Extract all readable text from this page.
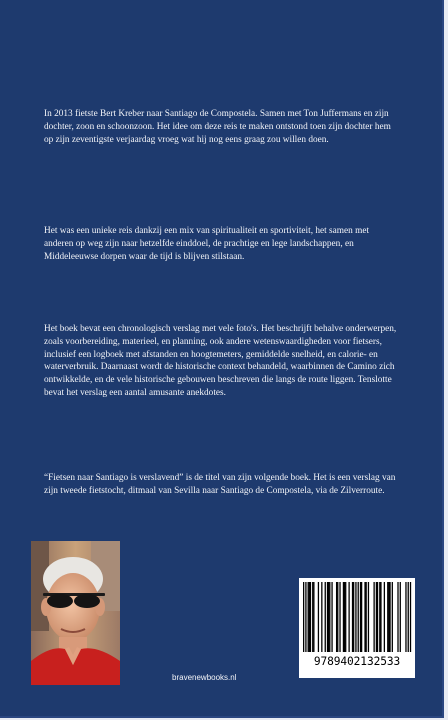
In 2013 fietste Bert Kreber naar Santiago de Compostela. Samen met Ton Juffermans en zijn dochter, zoon en schoonzoon. Het idee om deze reis te maken ontstond toen zijn dochter hem op zijn zeventigste verjaardag vroeg wat hij nog eens graag zou willen doen.

Het was een unieke reis dankzij een mix van spiritualiteit en sportiviteit, het samen met anderen op weg zijn naar hetzelfde einddoel, de prachtige en lege landschappen, en Middeleeuwse dorpen waar de tijd is blijven stilstaan.

Het boek bevat een chronologisch verslag met vele foto's. Het beschrijft behalve onderwerpen, zoals voorbereiding, materieel, en planning, ook andere wetenswaardigheden voor fietsers, inclusief een logboek met afstanden en hoogtemeters, gemiddelde snelheid, en calorie- en waterverbruik. Daarnaast wordt de historische context behandeld, waarbinnen de Camino zich ontwikkelde, en de vele historische gebouwen beschreven die langs de route liggen. Tenslotte bevat het verslag een aantal amusante anekdotes.

“Fietsen naar Santiago is verslavend” is de titel van zijn volgende boek. Het is een verslag van zijn tweede fietstocht, ditmaal van Sevilla naar Santiago de Compostela, via de Zilverroute.

bravenewbooks.nl
9789402132533
